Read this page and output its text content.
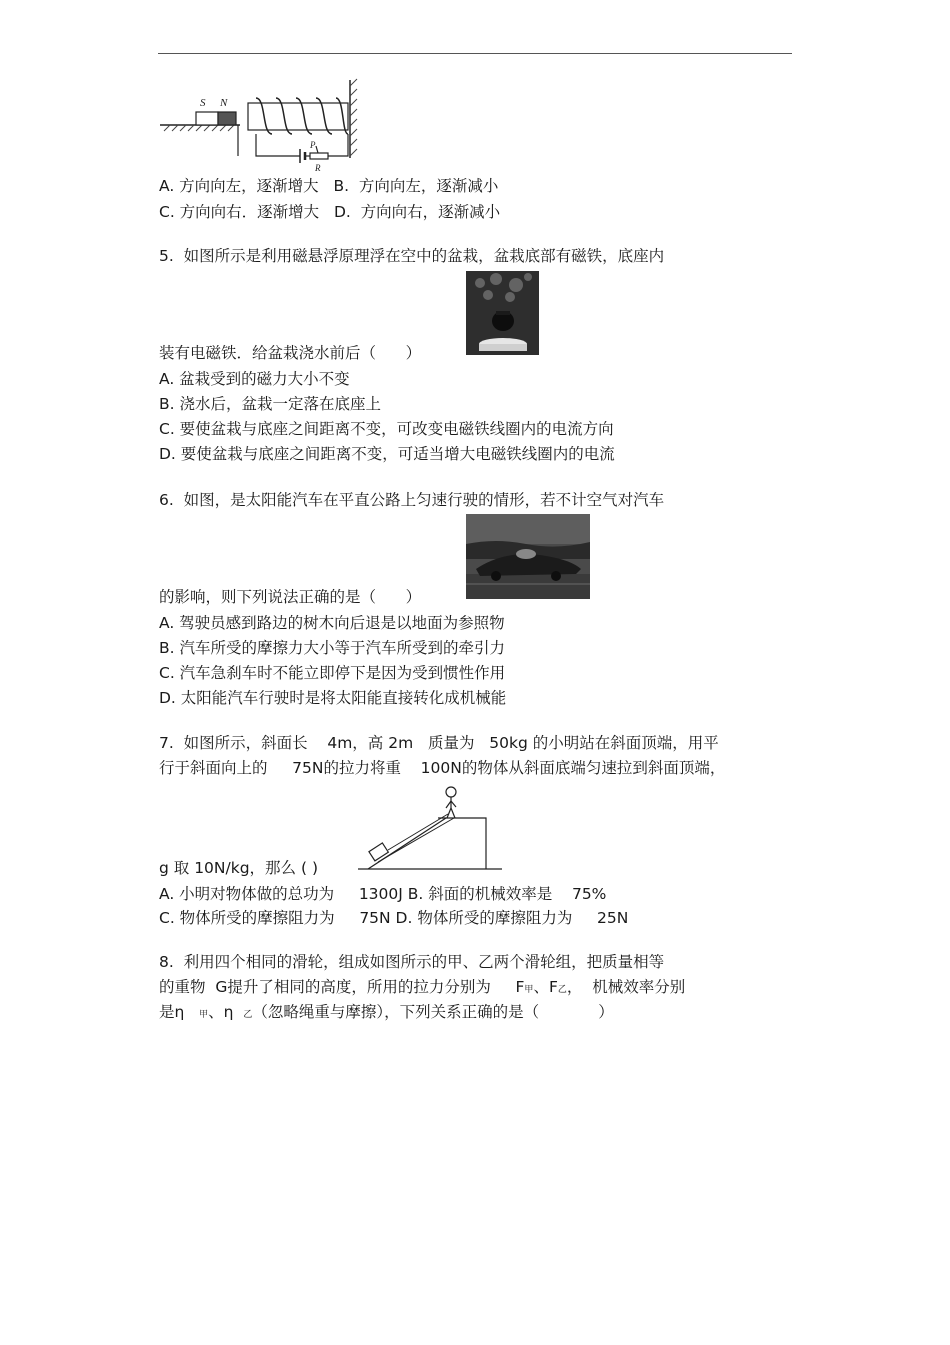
S N
P
R
A. 方向向左，逐渐增大   B.  方向向左，逐渐减小
C. 方向向右．逐渐增大   D.  方向向右，逐渐减小
5.  如图所示是利用磁悬浮原理浮在空中的盆栽，盆栽底部有磁铁，底座内
装有电磁铁．给盆栽浇水前后（      ）
A. 盆栽受到的磁力大小不变
B. 浇水后，盆栽一定落在底座上
C. 要使盆栽与底座之间距离不变，可改变电磁铁线圈内的电流方向
D. 要使盆栽与底座之间距离不变，可适当增大电磁铁线圈内的电流
6.  如图，是太阳能汽车在平直公路上匀速行驶的情形，若不计空气对汽车
的影响，则下列说法正确的是（      ）
A. 驾驶员感到路边的树木向后退是以地面为参照物
B. 汽车所受的摩擦力大小等于汽车所受到的牵引力
C. 汽车急刹车时不能立即停下是因为受到惯性作用
D. 太阳能汽车行驶时是将太阳能直接转化成机械能
7.  如图所示，斜面长    4m，高 2m   质量为   50kg 的小明站在斜面顶端，用平
行于斜面向上的     75N的拉力将重    100N的物体从斜面底端匀速拉到斜面顶端，
g 取 10N/kg，那么 ( )
A. 小明对物体做的总功为     1300J B. 斜面的机械效率是    75%
C. 物体所受的摩擦阻力为     75N D. 物体所受的摩擦阻力为     25N
8.  利用四个相同的滑轮，组成如图所示的甲、乙两个滑轮组，把质量相等
的重物  G提升了相同的高度，所用的拉力分别为     F甲、F乙，  机械效率分别
是η 甲、η 乙（忽略绳重与摩擦），下列关系正确的是（            ）
